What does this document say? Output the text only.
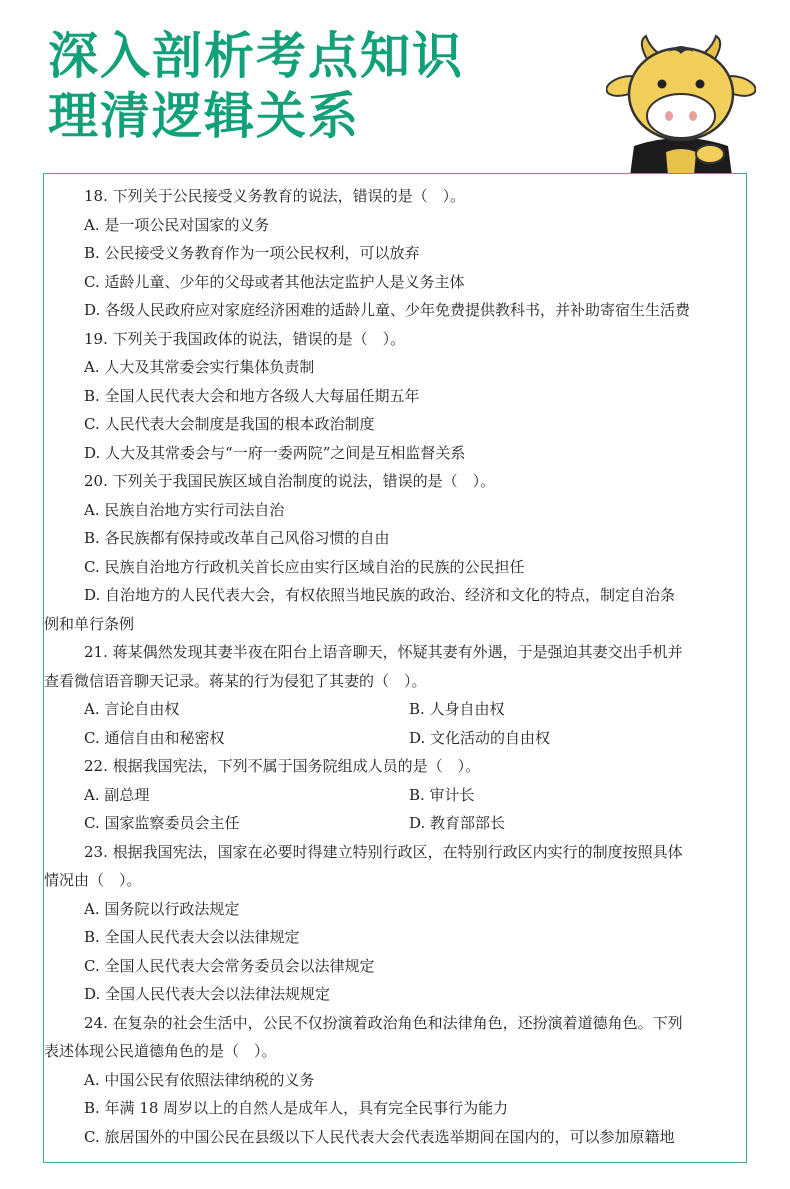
深入剖析考点知识
理清逻辑关系
18. 下列关于公民接受义务教育的说法，错误的是（　）。
A. 是一项公民对国家的义务
B. 公民接受义务教育作为一项公民权利，可以放弃
C. 适龄儿童、少年的父母或者其他法定监护人是义务主体
D. 各级人民政府应对家庭经济困难的适龄儿童、少年免费提供教科书，并补助寄宿生生活费
19. 下列关于我国政体的说法，错误的是（　）。
A. 人大及其常委会实行集体负责制
B. 全国人民代表大会和地方各级人大每届任期五年
C. 人民代表大会制度是我国的根本政治制度
D. 人大及其常委会与“一府一委两院”之间是互相监督关系
20. 下列关于我国民族区域自治制度的说法，错误的是（　）。
A. 民族自治地方实行司法自治
B. 各民族都有保持或改革自己风俗习惯的自由
C. 民族自治地方行政机关首长应由实行区域自治的民族的公民担任
D. 自治地方的人民代表大会，有权依照当地民族的政治、经济和文化的特点，制定自治条
例和单行条例
21. 蒋某偶然发现其妻半夜在阳台上语音聊天，怀疑其妻有外遇，于是强迫其妻交出手机并
查看微信语音聊天记录。蒋某的行为侵犯了其妻的（　）。
A. 言论自由权	B. 人身自由权
C. 通信自由和秘密权	D. 文化活动的自由权
22. 根据我国宪法，下列不属于国务院组成人员的是（　）。
A. 副总理	B. 审计长
C. 国家监察委员会主任	D. 教育部部长
23. 根据我国宪法，国家在必要时得建立特别行政区，在特别行政区内实行的制度按照具体
情况由（　）。
A. 国务院以行政法规定
B. 全国人民代表大会以法律规定
C. 全国人民代表大会常务委员会以法律规定
D. 全国人民代表大会以法律法规规定
24. 在复杂的社会生活中，公民不仅扮演着政治角色和法律角色，还扮演着道德角色。下列
表述体现公民道德角色的是（　）。
A. 中国公民有依照法律纳税的义务
B. 年满 18 周岁以上的自然人是成年人，具有完全民事行为能力
C. 旅居国外的中国公民在县级以下人民代表大会代表选举期间在国内的，可以参加原籍地
